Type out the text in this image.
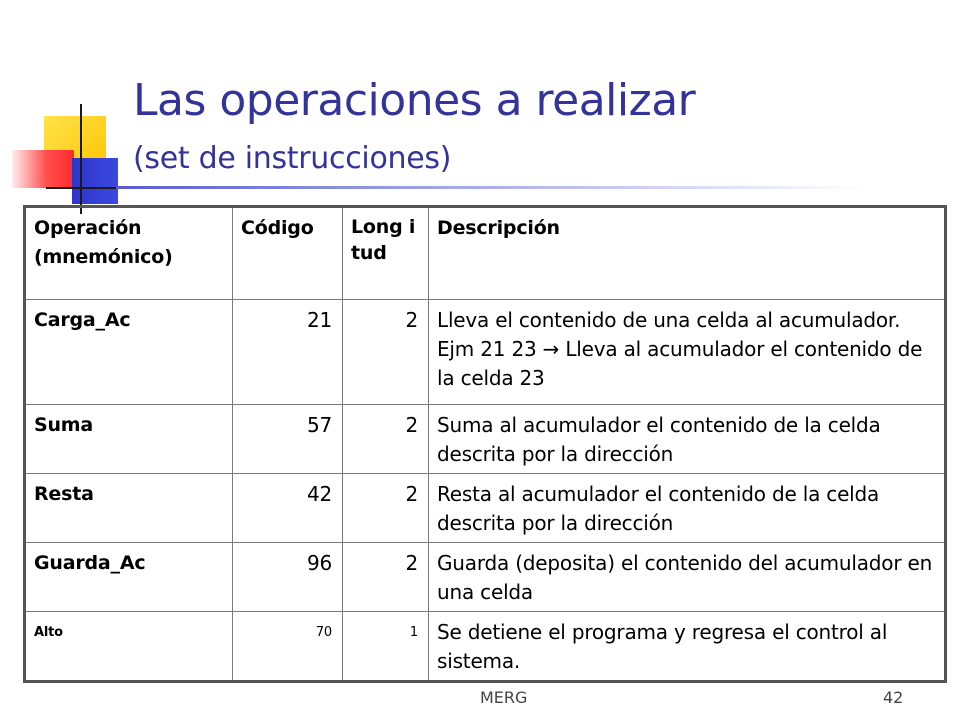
Las operaciones a realizar
(set de instrucciones)
Operación
(mnemónico)	Código	Long itud	Descripción
Carga_Ac	21	2	Lleva el contenido de una celda al acumulador. Ejm 21 23 → Lleva al acumulador el contenido de la celda 23
Suma	57	2	Suma al acumulador el contenido de la celda descrita por la dirección
Resta	42	2	Resta al acumulador el contenido de la celda descrita por la dirección
Guarda_Ac	96	2	Guarda (deposita) el contenido del acumulador en una celda
Alto	70	1	Se detiene el programa y regresa el control al sistema.
MERG	42
